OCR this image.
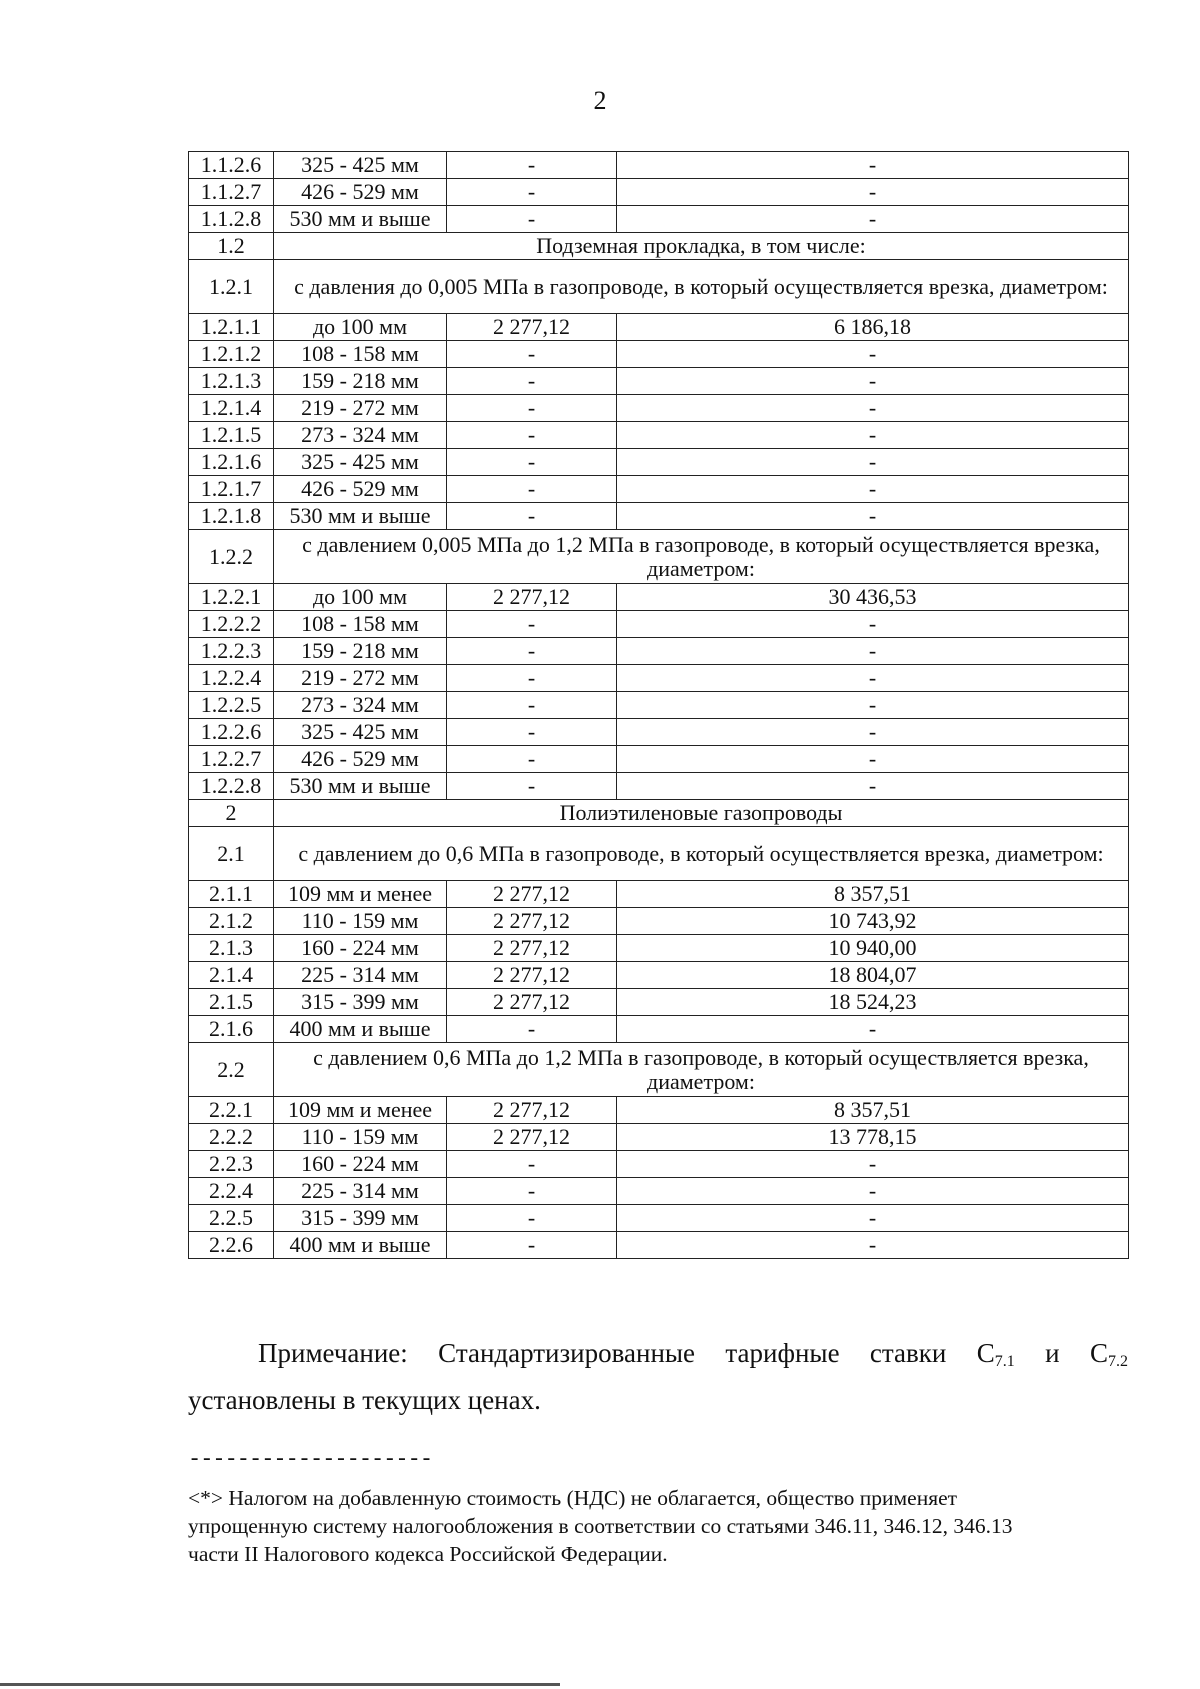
2
1.1.2.6	325 - 425 мм	-	-
1.1.2.7	426 - 529 мм	-	-
1.1.2.8	530 мм и выше	-	-
1.2	Подземная прокладка, в том числе:		
1.2.1	с давления до 0,005 МПа в газопроводе, в который осуществляется врезка, диаметром:		
1.2.1.1	до 100 мм	2 277,12	6 186,18
1.2.1.2	108 - 158 мм	-	-
1.2.1.3	159 - 218 мм	-	-
1.2.1.4	219 - 272 мм	-	-
1.2.1.5	273 - 324 мм	-	-
1.2.1.6	325 - 425 мм	-	-
1.2.1.7	426 - 529 мм	-	-
1.2.1.8	530 мм и выше	-	-
1.2.2	с давлением 0,005 МПа до 1,2 МПа в газопроводе, в который осуществляется врезка, диаметром:		
1.2.2.1	до 100 мм	2 277,12	30 436,53
1.2.2.2	108 - 158 мм	-	-
1.2.2.3	159 - 218 мм	-	-
1.2.2.4	219 - 272 мм	-	-
1.2.2.5	273 - 324 мм	-	-
1.2.2.6	325 - 425 мм	-	-
1.2.2.7	426 - 529 мм	-	-
1.2.2.8	530 мм и выше	-	-
2	Полиэтиленовые газопроводы		
2.1	с давлением до 0,6 МПа в газопроводе, в который осуществляется врезка, диаметром:		
2.1.1	109 мм и менее	2 277,12	8 357,51
2.1.2	110 - 159 мм	2 277,12	10 743,92
2.1.3	160 - 224 мм	2 277,12	10 940,00
2.1.4	225 - 314 мм	2 277,12	18 804,07
2.1.5	315 - 399 мм	2 277,12	18 524,23
2.1.6	400 мм и выше	-	-
2.2	с давлением 0,6 МПа до 1,2 МПа в газопроводе, в который осуществляется врезка, диаметром:		
2.2.1	109 мм и менее	2 277,12	8 357,51
2.2.2	110 - 159 мм	2 277,12	13 778,15
2.2.3	160 - 224 мм	-	-
2.2.4	225 - 314 мм	-	-
2.2.5	315 - 399 мм	-	-
2.2.6	400 мм и выше	-	-

Примечание: Стандартизированные тарифные ставки $C_{7.1}$ и $C_{7.2}$

установлены в текущих ценах.

--------------------
<*> Налогом на добавленную стоимость (НДС) не облагается, общество применяет
упрощенную систему налогообложения в соответствии со статьями 346.11, 346.12, 346.13
части II Налогового кодекса Российской Федерации.
